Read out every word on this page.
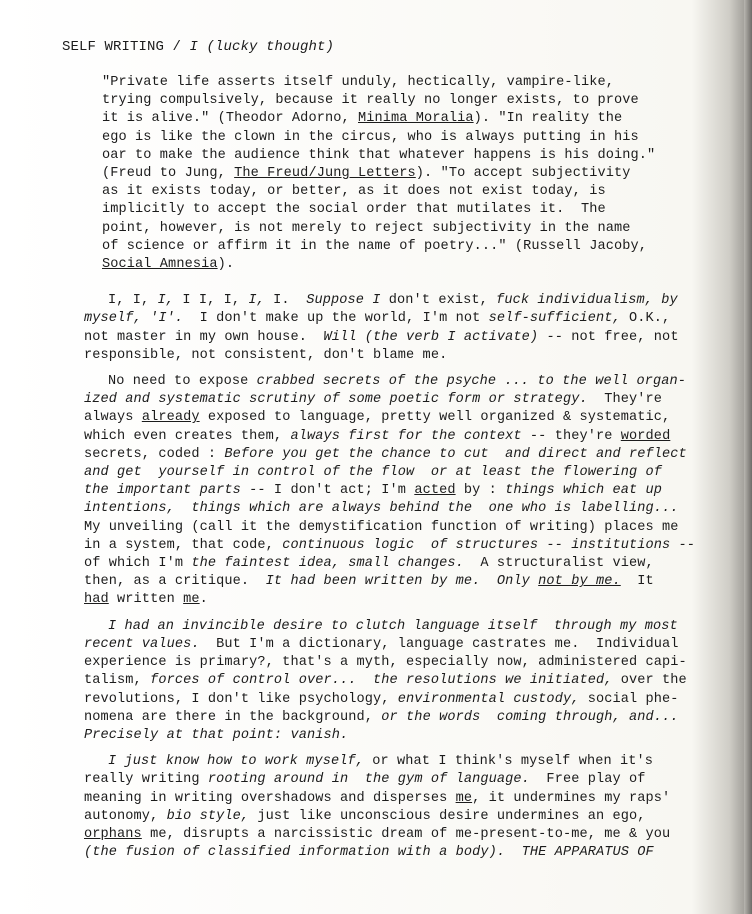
SELF WRITING / I (lucky thought)
"Private life asserts itself unduly, hectically, vampire-like,
trying compulsively, because it really no longer exists, to prove
it is alive." (Theodor Adorno, Minima Moralia). "In reality the
ego is like the clown in the circus, who is always putting in his
oar to make the audience think that whatever happens is his doing."
(Freud to Jung, The Freud/Jung Letters). "To accept subjectivity
as it exists today, or better, as it does not exist today, is
implicitly to accept the social order that mutilates it.  The
point, however, is not merely to reject subjectivity in the name
of science or affirm it in the name of poetry..." (Russell Jacoby,
Social Amnesia).
I, I, I, I I, I, I, I.  Suppose I don't exist, fuck individualism, by
myself, 'I'.  I don't make up the world, I'm not self-sufficient, O.K.,
not master in my own house.  Will (the verb I activate) -- not free, not
responsible, not consistent, don't blame me.
No need to expose crabbed secrets of the psyche ... to the well organ-
ized and systematic scrutiny of some poetic form or strategy.  They're
always already exposed to language, pretty well organized & systematic,
which even creates them, always first for the context -- they're worded
secrets, coded : Before you get the chance to cut  and direct and reflect
and get  yourself in control of the flow  or at least the flowering of
the important parts -- I don't act; I'm acted by : things which eat up
intentions,  things which are always behind the  one who is labelling...
My unveiling (call it the demystification function of writing) places me
in a system, that code, continuous logic  of structures -- institutions --
of which I'm the faintest idea, small changes.  A structuralist view,
then, as a critique.  It had been written by me.  Only not by me.  It
had written me.
I had an invincible desire to clutch language itself  through my most
recent values.  But I'm a dictionary, language castrates me.  Individual
experience is primary?, that's a myth, especially now, administered capi-
talism, forces of control over...  the resolutions we initiated, over the
revolutions, I don't like psychology, environmental custody, social phe-
nomena are there in the background, or the words  coming through, and...
Precisely at that point: vanish.
I just know how to work myself, or what I think's myself when it's
really writing rooting around in  the gym of language.  Free play of
meaning in writing overshadows and disperses me, it undermines my raps'
autonomy, bio style, just like unconscious desire undermines an ego,
orphans me, disrupts a narcissistic dream of me-present-to-me, me & you
(the fusion of classified information with a body). THE APPARATUS OF
